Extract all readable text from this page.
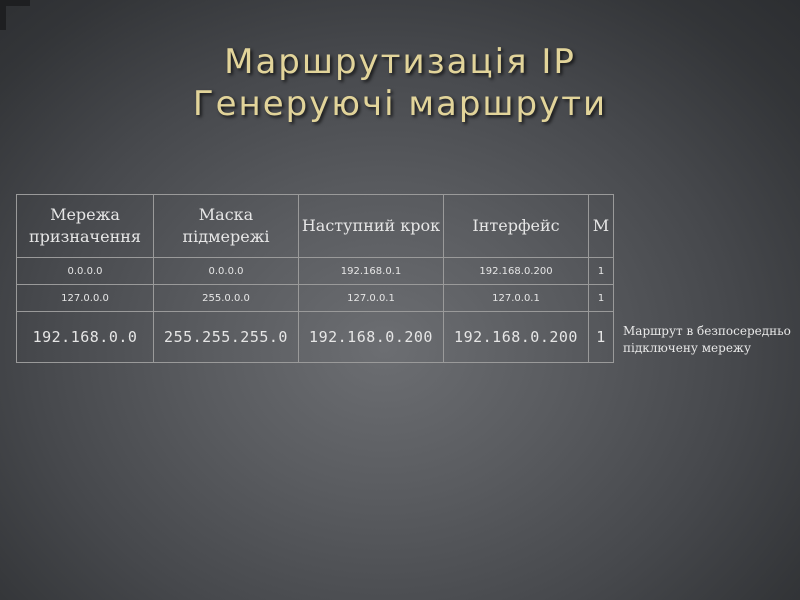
Маршрутизація IP
Генеруючі маршрути
Мережа призначення	Маска підмережі	Наступний крок	Інтерфейс	М
0.0.0.0	0.0.0.0	192.168.0.1	192.168.0.200	1
127.0.0.0	255.0.0.0	127.0.0.1	127.0.0.1	1
192.168.0.0	255.255.255.0	192.168.0.200	192.168.0.200	1 Маршрут в безпосередньо
підключену мережу
